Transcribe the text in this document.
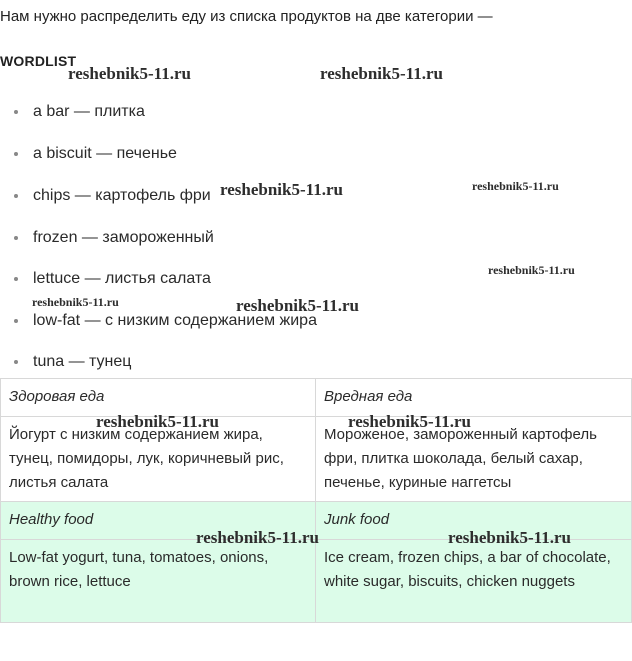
Нам нужно распределить еду из списка продуктов на две категории —
WORDLIST
a bar — плитка
a biscuit — печенье
chips — картофель фри
frozen — замороженный
lettuce — листья салата
low-fat — с низким содержанием жира
tuna — тунец
Здоровая еда	Вредная еда
Йогурт с низким содержанием жира, тунец, помидоры, лук, коричневый рис, листья салата	Мороженое, замороженный картофель фри, плитка шоколада, белый сахар, печенье, куриные наггетсы
Healthy food	Junk food
Low-fat yogurt, tuna, tomatoes, onions, brown rice, lettuce	Ice cream, frozen chips, a bar of chocolate, white sugar, biscuits, chicken nuggets
reshebnik5-11.ru	reshebnik5-11.ru
reshebnik5-11.ru	reshebnik5-11.ru
reshebnik5-11.ru
reshebnik5-11.ru	reshebnik5-11.ru
reshebnik5-11.ru	reshebnik5-11.ru
reshebnik5-11.ru	reshebnik5-11.ru
